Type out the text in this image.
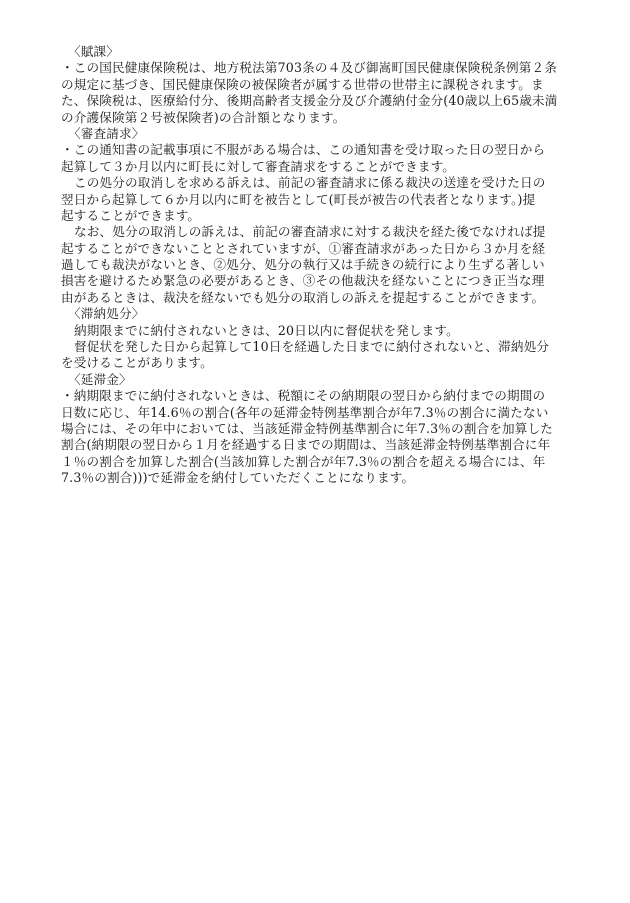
〈賦課〉
・この国民健康保険税は、地方税法第703条の４及び御嵩町国民健康保険税条例第２条
の規定に基づき、国民健康保険の被保険者が属する世帯の世帯主に課税されます。ま
た、保険税は、医療給付分、後期高齢者支援金分及び介護納付金分(40歳以上65歳未満
の介護保険第２号被保険者)の合計額となります。
〈審査請求〉
・この通知書の記載事項に不服がある場合は、この通知書を受け取った日の翌日から
起算して３か月以内に町長に対して審査請求をすることができます。
この処分の取消しを求める訴えは、前記の審査請求に係る裁決の送達を受けた日の
翌日から起算して６か月以内に町を被告として(町長が被告の代表者となります。)提
起することができます。
なお、処分の取消しの訴えは、前記の審査請求に対する裁決を経た後でなければ提
起することができないこととされていますが、①審査請求があった日から３か月を経
過しても裁決がないとき、②処分、処分の執行又は手続きの続行により生ずる著しい
損害を避けるため緊急の必要があるとき、③その他裁決を経ないことにつき正当な理
由があるときは、裁決を経ないでも処分の取消しの訴えを提起することができます。
〈滞納処分〉
納期限までに納付されないときは、20日以内に督促状を発します。
督促状を発した日から起算して10日を経過した日までに納付されないと、滞納処分
を受けることがあります。
〈延滞金〉
・納期限までに納付されないときは、税額にその納期限の翌日から納付までの期間の
日数に応じ、年14.6％の割合(各年の延滞金特例基準割合が年7.3％の割合に満たない
場合には、その年中においては、当該延滞金特例基準割合に年7.3％の割合を加算した
割合(納期限の翌日から１月を経過する日までの期間は、当該延滞金特例基準割合に年
１％の割合を加算した割合(当該加算した割合が年7.3％の割合を超える場合には、年
7.3％の割合)))で延滞金を納付していただくことになります。
